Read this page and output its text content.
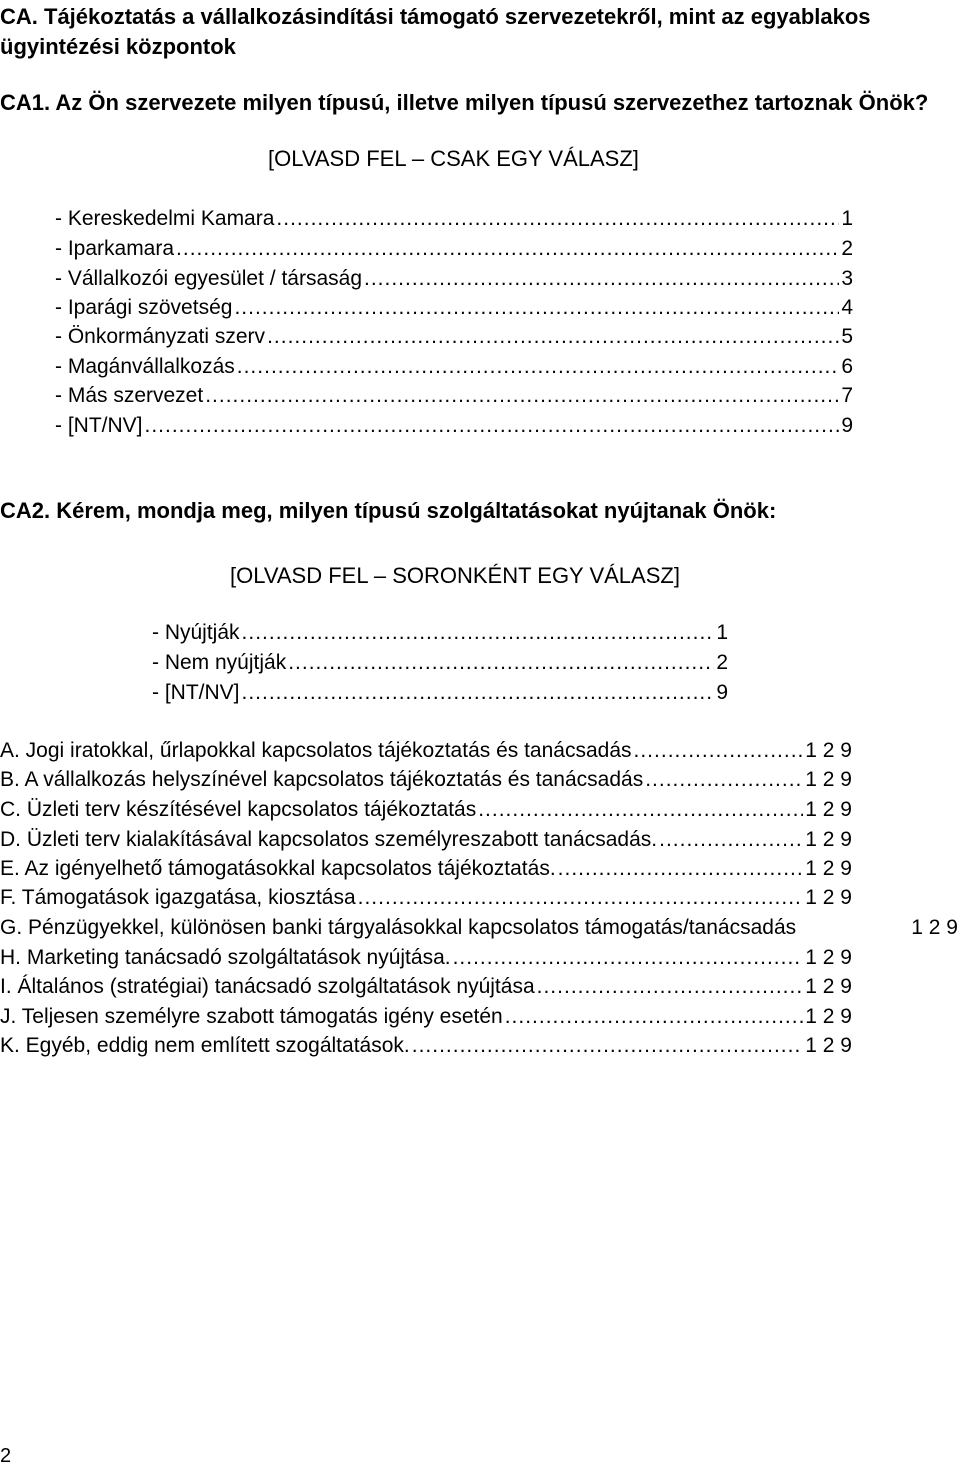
CA. Tájékoztatás a vállalkozásindítási támogató szervezetekről, mint az egyablakos ügyintézési központok
CA1. Az Ön szervezete milyen típusú, illetve milyen típusú szervezethez tartoznak Önök?
[OLVASD FEL – CSAK EGY VÁLASZ]
- Kereskedelmi Kamara .....	1
- Iparkamara .....	2
- Vállalkozói egyesület / társaság .....	3
- Iparági szövetség .....	4
- Önkormányzati szerv .....	5
- Magánvállalkozás .....	6
- Más szervezet .....	7
- [NT/NV] .....	9
CA2. Kérem, mondja meg, milyen típusú szolgáltatásokat nyújtanak Önök:
[OLVASD FEL – SORONKÉNT EGY VÁLASZ]
- Nyújtják .....	1
- Nem nyújtják .....	2
- [NT/NV] .....	9
A. Jogi iratokkal, űrlapokkal kapcsolatos tájékoztatás és tanácsadás .....	1 2 9
B. A vállalkozás helyszínével kapcsolatos tájékoztatás és tanácsadás .....	1 2 9
C. Üzleti terv készítésével kapcsolatos tájékoztatás .....	1 2 9
D. Üzleti terv kialakításával kapcsolatos személyreszabott tanácsadás. .....	1 2 9
E. Az igényelhető támogatásokkal kapcsolatos tájékoztatás. .....	1 2 9
F. Támogatások igazgatása, kiosztása .....	1 2 9
G. Pénzügyekkel, különösen banki tárgyalásokkal kapcsolatos támogatás/tanácsadás	1 2 9
H. Marketing tanácsadó szolgáltatások nyújtása. .....	1 2 9
I. Általános (stratégiai) tanácsadó szolgáltatások nyújtása .....	1 2 9
J. Teljesen személyre szabott támogatás igény esetén .....	1 2 9
K. Egyéb, eddig nem említett szogáltatások. .....	1 2 9
2
